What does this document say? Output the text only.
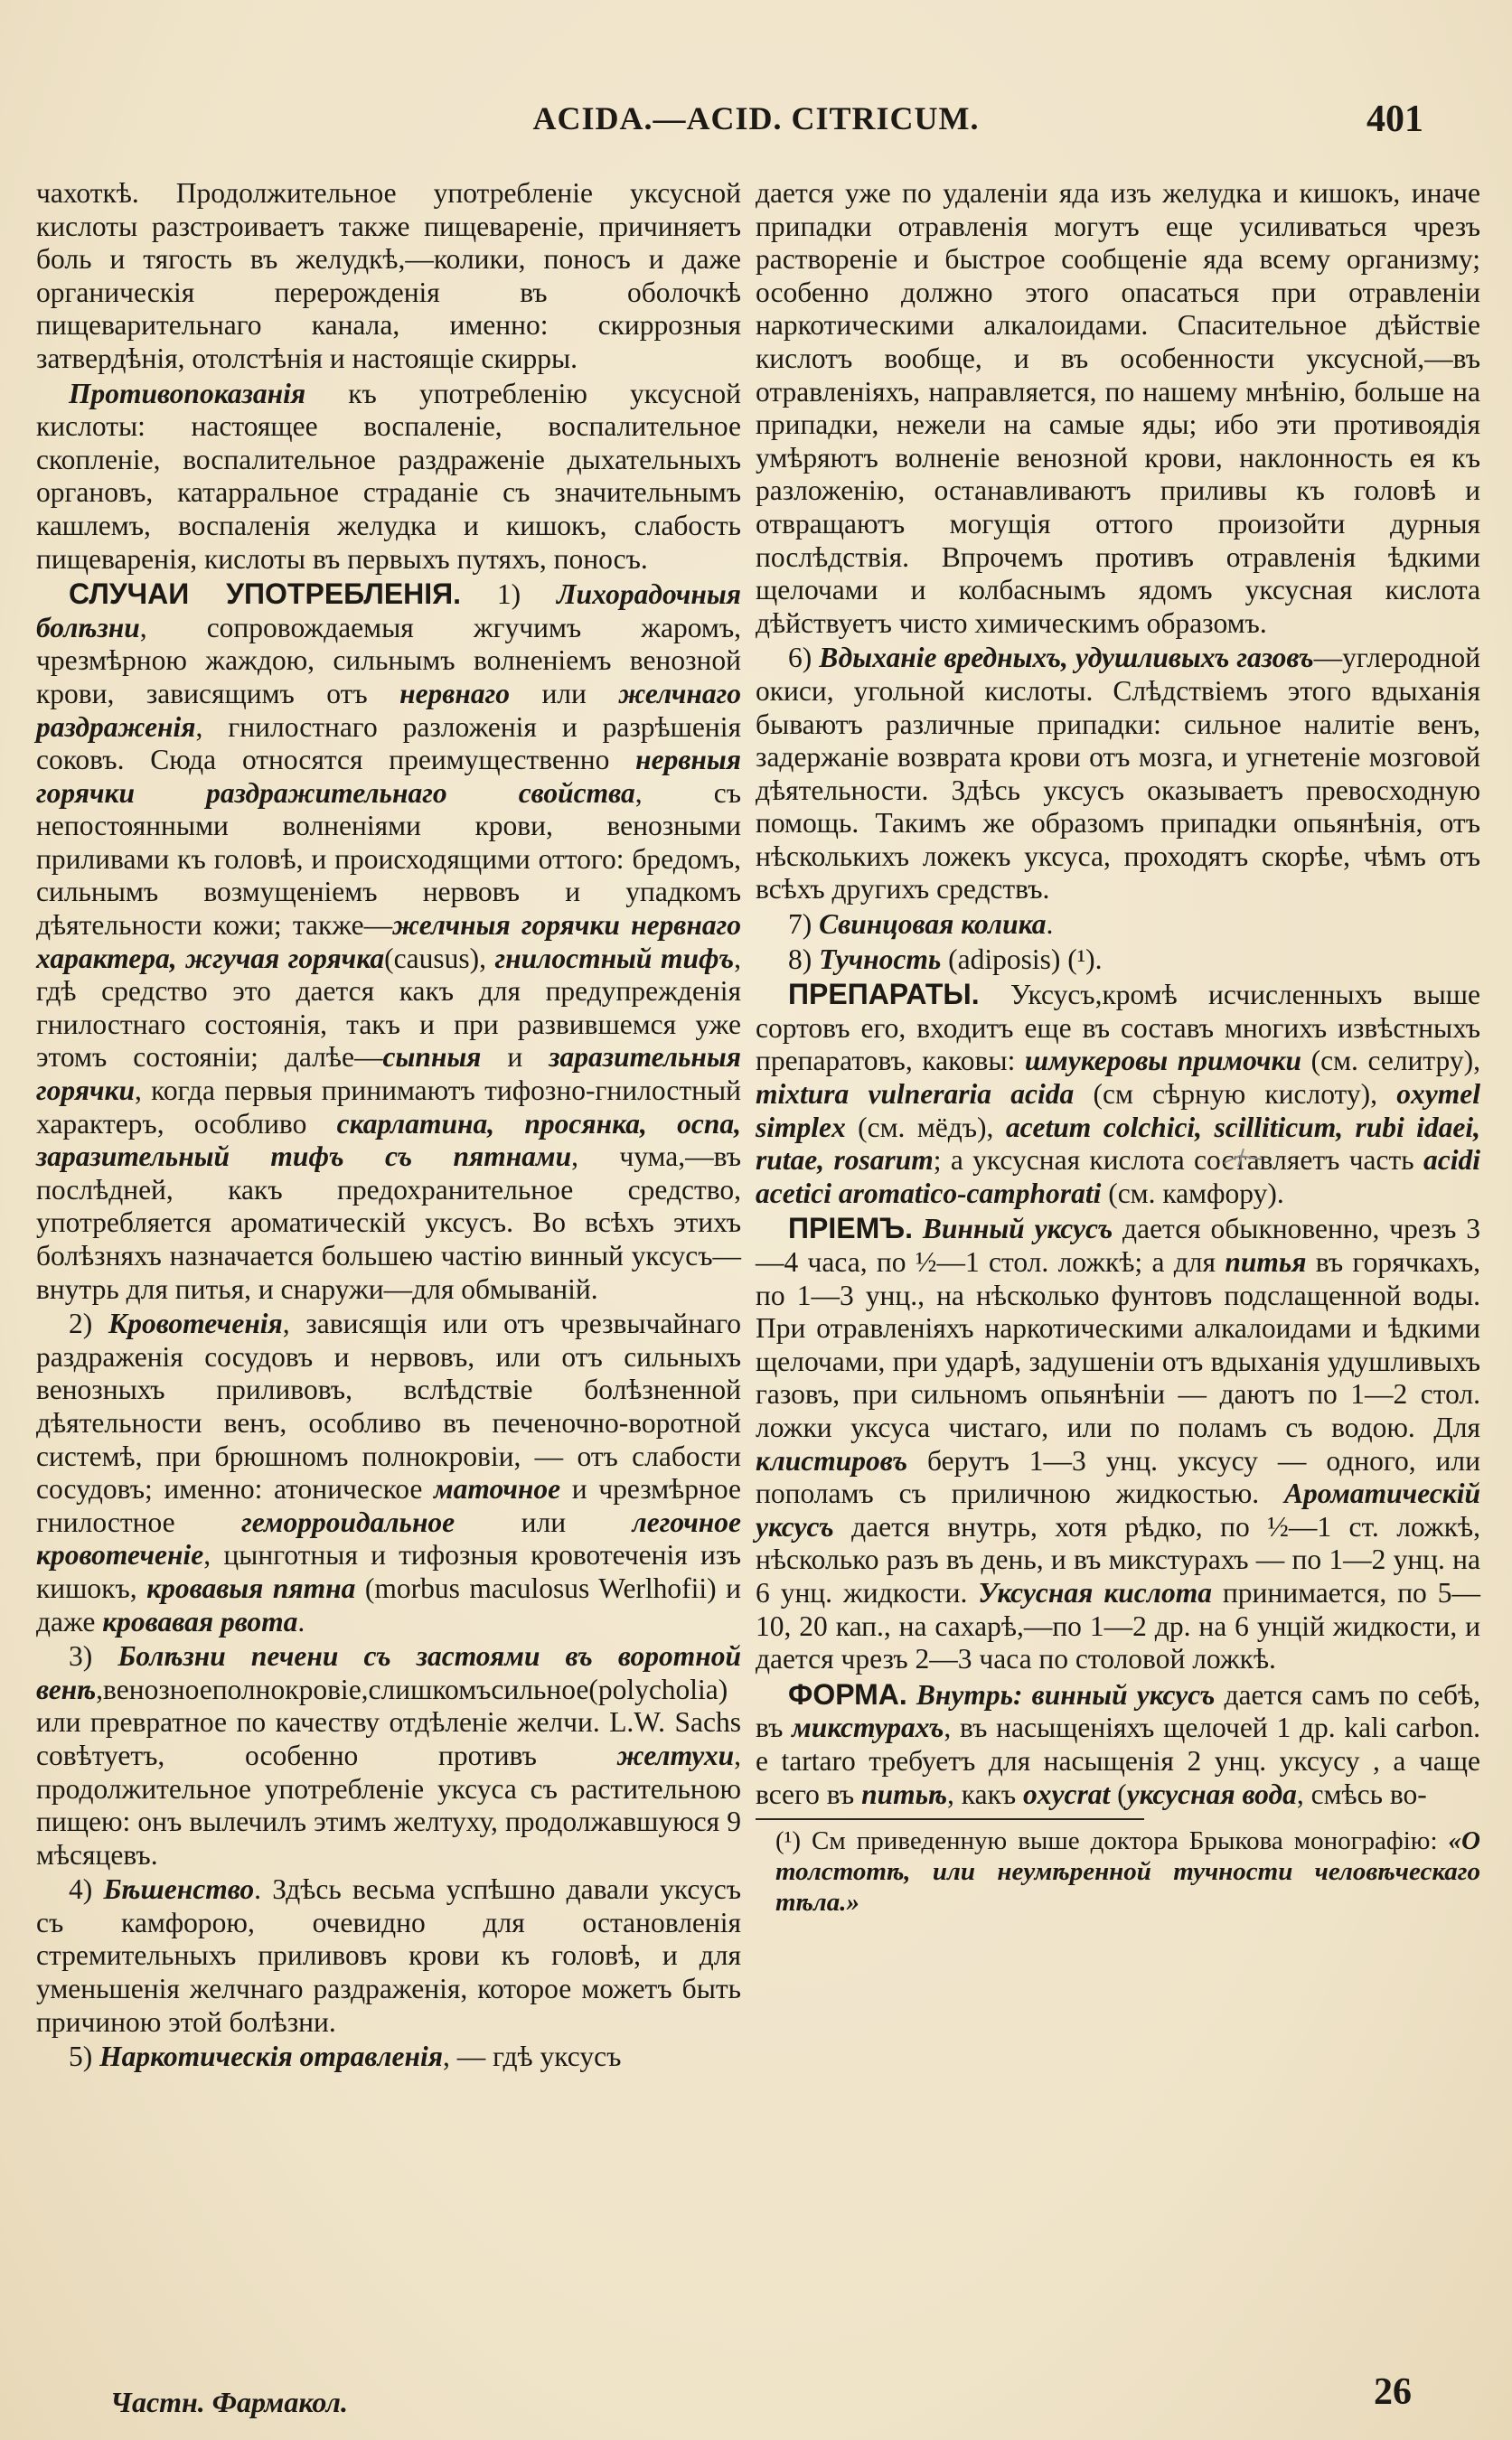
ACIDA.—ACID. CITRICUM.	401

чахоткѣ. Продолжительное употребленіе уксусной кислоты разстроиваетъ также пищевареніе, причиняетъ боль и тягость въ желудкѣ,—колики, поносъ и даже органическія перерожденія въ оболочкѣ пищеварительнаго канала, именно: скиррозныя затвердѣнія, отолстѣнія и настоящіе скирры.

Противопоказанія къ употребленію уксусной кислоты: настоящее воспаленіе, воспалительное скопленіе, воспалительное раздраженіе дыхательныхъ органовъ, катарральное страданіе съ значительнымъ кашлемъ, воспаленія желудка и кишокъ, слабость пищеваренія, кислоты въ первыхъ путяхъ, поносъ.

СЛУЧАИ УПОТРЕБЛЕНІЯ. 1) Лихорадочныя болѣзни, сопровождаемыя жгучимъ жаромъ, чрезмѣрною жаждою, сильнымъ волненіемъ венозной крови, зависящимъ отъ нервнаго или желчнаго раздраженія, гнилостнаго разложенія и разрѣшенія соковъ. Сюда относятся преимущественно нервныя горячки раздражительнаго свойства, съ непостоянными волненіями крови, венозными приливами къ головѣ, и происходящими оттого: бредомъ, сильнымъ возмущеніемъ нервовъ и упадкомъ дѣятельности кожи; также—желчныя горячки нервнаго характера, жгучая горячка(causus), гнилостный тифъ, гдѣ средство это дается какъ для предупрежденія гнилостнаго состоянія, такъ и при развившемся уже этомъ состояніи; далѣе—сыпныя и заразительныя горячки, когда первыя принимаютъ тифозно-гнилостный характеръ, особливо скарлатина, просянка, оспа, заразительный тифъ съ пятнами, чума,—въ послѣдней, какъ предохранительное средство, употребляется ароматическій уксусъ. Во всѣхъ этихъ болѣзняхъ назначается большею частію винный уксусъ—внутрь для питья, и снаружи—для обмываній.

2) Кровотеченія, зависящія или отъ чрезвычайнаго раздраженія сосудовъ и нервовъ, или отъ сильныхъ венозныхъ приливовъ, вслѣдствіе болѣзненной дѣятельности венъ, особливо въ печеночно-воротной системѣ, при брюшномъ полнокровіи, — отъ слабости сосудовъ; именно: атоническое маточное и чрезмѣрное гнилостное геморроидальное или легочное кровотеченіе, цынготныя и тифозныя кровотеченія изъ кишокъ, кровавыя пятна (morbus maculosus Werlhofii) и даже кровавая рвота.

3) Болѣзни печени съ застоями въ воротной венѣ,венозноеполнокровіе,слишкомъсильное(polycholia) или превратное по качеству отдѣленіе желчи. L.W. Sachs совѣтуетъ, особенно противъ желтухи, продолжительное употребленіе уксуса съ растительною пищею: онъ вылечилъ этимъ желтуху, продолжавшуюся 9 мѣсяцевъ.

4) Бѣшенство. Здѣсь весьма успѣшно давали уксусъ съ камфорою, очевидно для остановленія стремительныхъ приливовъ крови къ головѣ, и для уменьшенія желчнаго раздраженія, которое можетъ быть причиною этой болѣзни.

5) Наркотическія отравленія, — гдѣ уксусъ

дается уже по удаленіи яда изъ желудка и кишокъ, иначе припадки отравленія могутъ еще усиливаться чрезъ раствореніе и быстрое сообщеніе яда всему организму; особенно должно этого опасаться при отравленіи наркотическими алкалоидами. Спасительное дѣйствіе кислотъ вообще, и въ особенности уксусной,—въ отравленіяхъ, направляется, по нашему мнѣнію, больше на припадки, нежели на самые яды; ибо эти противоядія умѣряютъ волненіе венозной крови, наклонность ея къ разложенію, останавливаютъ приливы къ головѣ и отвращаютъ могущія оттого произойти дурныя послѣдствія. Впрочемъ противъ отравленія ѣдкими щелочами и колбаснымъ ядомъ уксусная кислота дѣйствуетъ чисто химическимъ образомъ.

6) Вдыханіе вредныхъ, удушливыхъ газовъ—углеродной окиси, угольной кислоты. Слѣдствіемъ этого вдыханія бываютъ различные припадки: сильное налитіе венъ, задержаніе возврата крови отъ мозга, и угнетеніе мозговой дѣятельности. Здѣсь уксусъ оказываетъ превосходную помощь. Такимъ же образомъ припадки опьянѣнія, отъ нѣсколькихъ ложекъ уксуса, проходятъ скорѣе, чѣмъ отъ всѣхъ другихъ средствъ.

7) Свинцовая колика.

8) Тучность (adiposis) (¹).

ПРЕПАРАТЫ. Уксусъ,кромѣ исчисленныхъ выше сортовъ его, входитъ еще въ составъ многихъ извѣстныхъ препаратовъ, каковы: шмукеровы примочки (см. селитру), mixtura vulneraria acida (см сѣрную кислоту), oxymel simplex (см. мёдъ), acetum colchici, scilliticum, rubi idaei, rutae, rosarum; а уксусная кислота составляетъ часть acidi acetici aromatico-camphorati (см. камфору).

ПРІЕМЪ. Винный уксусъ дается обыкновенно, чрезъ 3—4 часа, по ½—1 стол. ложкѣ; а для питья въ горячкахъ, по 1—3 унц., на нѣсколько фунтовъ подслащенной воды. При отравленіяхъ наркотическими алкалоидами и ѣдкими щелочами, при ударѣ, задушеніи отъ вдыханія удушливыхъ газовъ, при сильномъ опьянѣніи — даютъ по 1—2 стол. ложки уксуса чистаго, или по поламъ съ водою. Для клистировъ берутъ 1—3 унц. уксусу — одного, или пополамъ съ приличною жидкостью. Ароматическій уксусъ дается внутрь, хотя рѣдко, по ½—1 ст. ложкѣ, нѣсколько разъ въ день, и въ микстурахъ — по 1—2 унц. на 6 унц. жидкости. Уксусная кислота принимается, по 5—10, 20 кап., на сахарѣ,—по 1—2 др. на 6 унцій жидкости, и дается чрезъ 2—3 часа по столовой ложкѣ.

ФОРМА. Внутрь: винный уксусъ дается самъ по себѣ, въ микстурахъ, въ насыщеніяхъ щелочей 1 др. kali carbon. e tartaro требуетъ для насыщенія 2 унц. уксусу , а чаще всего въ питьѣ, какъ oxycrat (уксусная вода, смѣсь во-

(¹) См приведенную выше доктора Брыкова монографію: «О толстотѣ, или неумѣренной тучности человѣческаго тѣла.»

Частн. Фармакол.	26
